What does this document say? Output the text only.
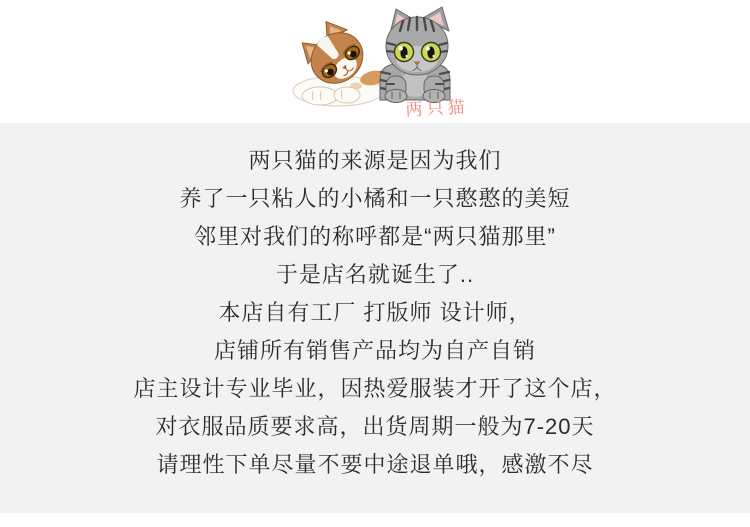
两只猫

两只猫的来源是因为我们

养了一只粘人的小橘和一只憨憨的美短

邻里对我们的称呼都是“两只猫那里”

于是店名就诞生了..

本店自有工厂 打版师 设计师，

店铺所有销售产品均为自产自销

店主设计专业毕业，因热爱服装才开了这个店，

对衣服品质要求高，出货周期一般为7-20天

请理性下单尽量不要中途退单哦，感激不尽
